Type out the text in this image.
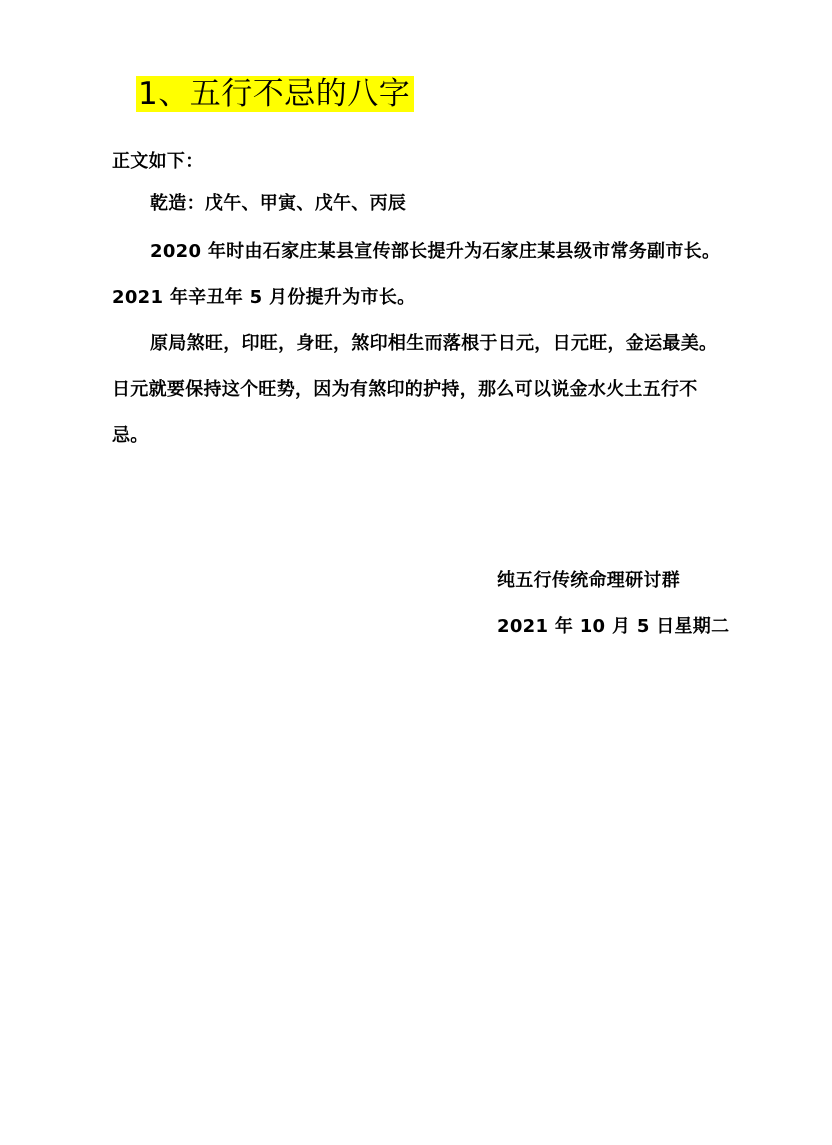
1、五行不忌的八字

正文如下：

乾造：戊午、甲寅、戊午、丙辰

2020 年时由石家庄某县宣传部长提升为石家庄某县级市常务副市长。2021 年辛丑年 5 月份提升为市长。

原局煞旺，印旺，身旺，煞印相生而落根于日元，日元旺，金运最美。日元就要保持这个旺势，因为有煞印的护持，那么可以说金水火土五行不忌。

纯五行传统命理研讨群

2021 年 10 月 5 日星期二
